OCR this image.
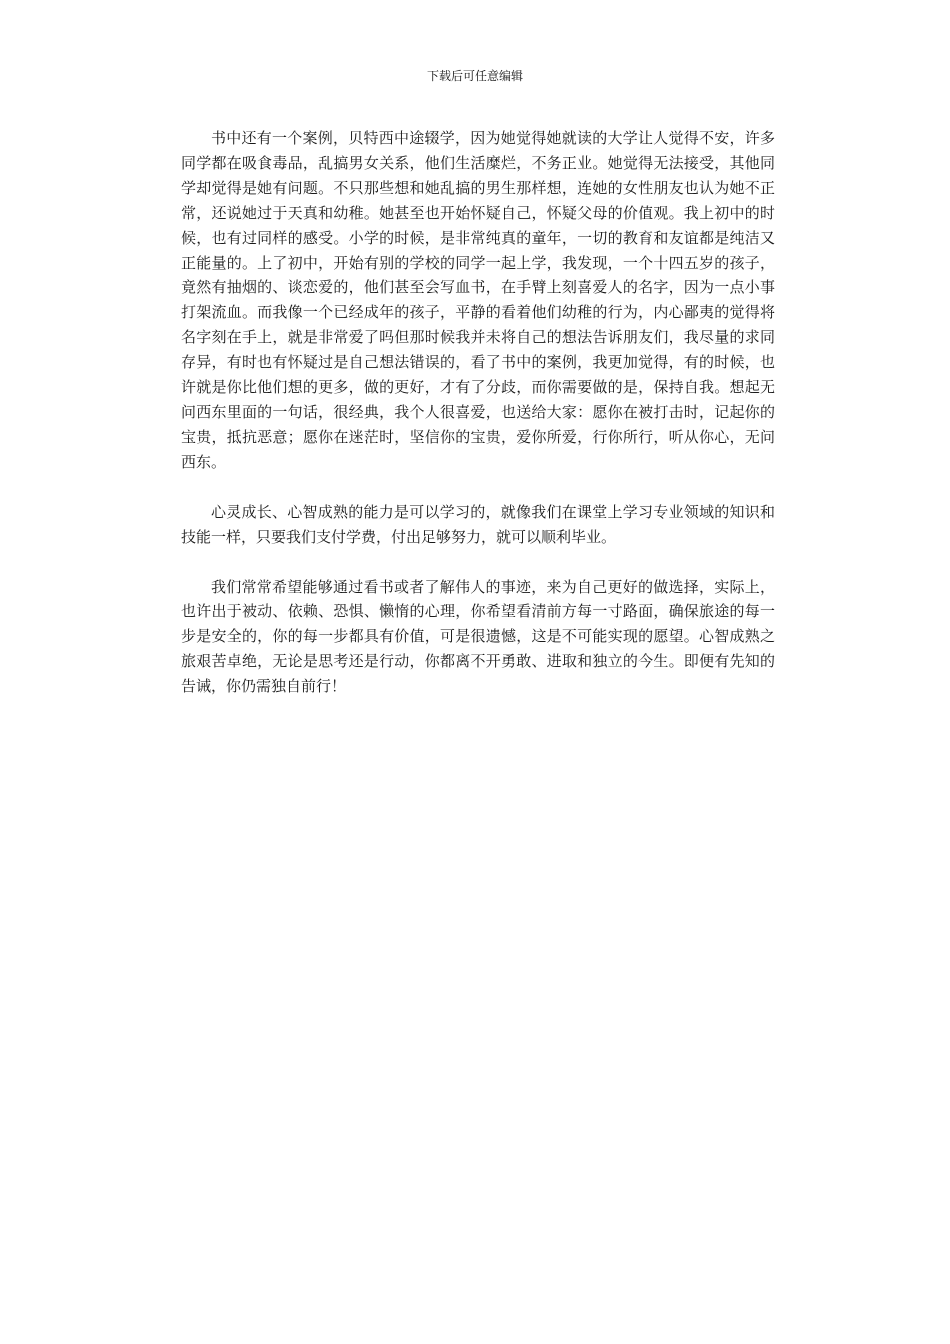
下载后可任意编辑

书中还有一个案例，贝特西中途辍学，因为她觉得她就读的大学让人觉得不安，许多同学都在吸食毒品，乱搞男女关系，他们生活糜烂，不务正业。她觉得无法接受，其他同学却觉得是她有问题。不只那些想和她乱搞的男生那样想，连她的女性朋友也认为她不正常，还说她过于天真和幼稚。她甚至也开始怀疑自己，怀疑父母的价值观。我上初中的时候，也有过同样的感受。小学的时候，是非常纯真的童年，一切的教育和友谊都是纯洁又正能量的。上了初中，开始有别的学校的同学一起上学，我发现，一个十四五岁的孩子，竟然有抽烟的、谈恋爱的，他们甚至会写血书，在手臂上刻喜爱人的名字，因为一点小事打架流血。而我像一个已经成年的孩子，平静的看着他们幼稚的行为，内心鄙夷的觉得将名字刻在手上，就是非常爱了吗但那时候我并未将自己的想法告诉朋友们，我尽量的求同存异，有时也有怀疑过是自己想法错误的，看了书中的案例，我更加觉得，有的时候，也许就是你比他们想的更多，做的更好，才有了分歧，而你需要做的是，保持自我。想起无问西东里面的一句话，很经典，我个人很喜爱，也送给大家：愿你在被打击时，记起你的宝贵，抵抗恶意；愿你在迷茫时，坚信你的宝贵，爱你所爱，行你所行，听从你心，无问西东。

心灵成长、心智成熟的能力是可以学习的，就像我们在课堂上学习专业领域的知识和技能一样，只要我们支付学费，付出足够努力，就可以顺利毕业。

我们常常希望能够通过看书或者了解伟人的事迹，来为自己更好的做选择，实际上，也许出于被动、依赖、恐惧、懒惰的心理，你希望看清前方每一寸路面，确保旅途的每一步是安全的，你的每一步都具有价值，可是很遗憾，这是不可能实现的愿望。心智成熟之旅艰苦卓绝，无论是思考还是行动，你都离不开勇敢、进取和独立的今生。即便有先知的告诫，你仍需独自前行！
